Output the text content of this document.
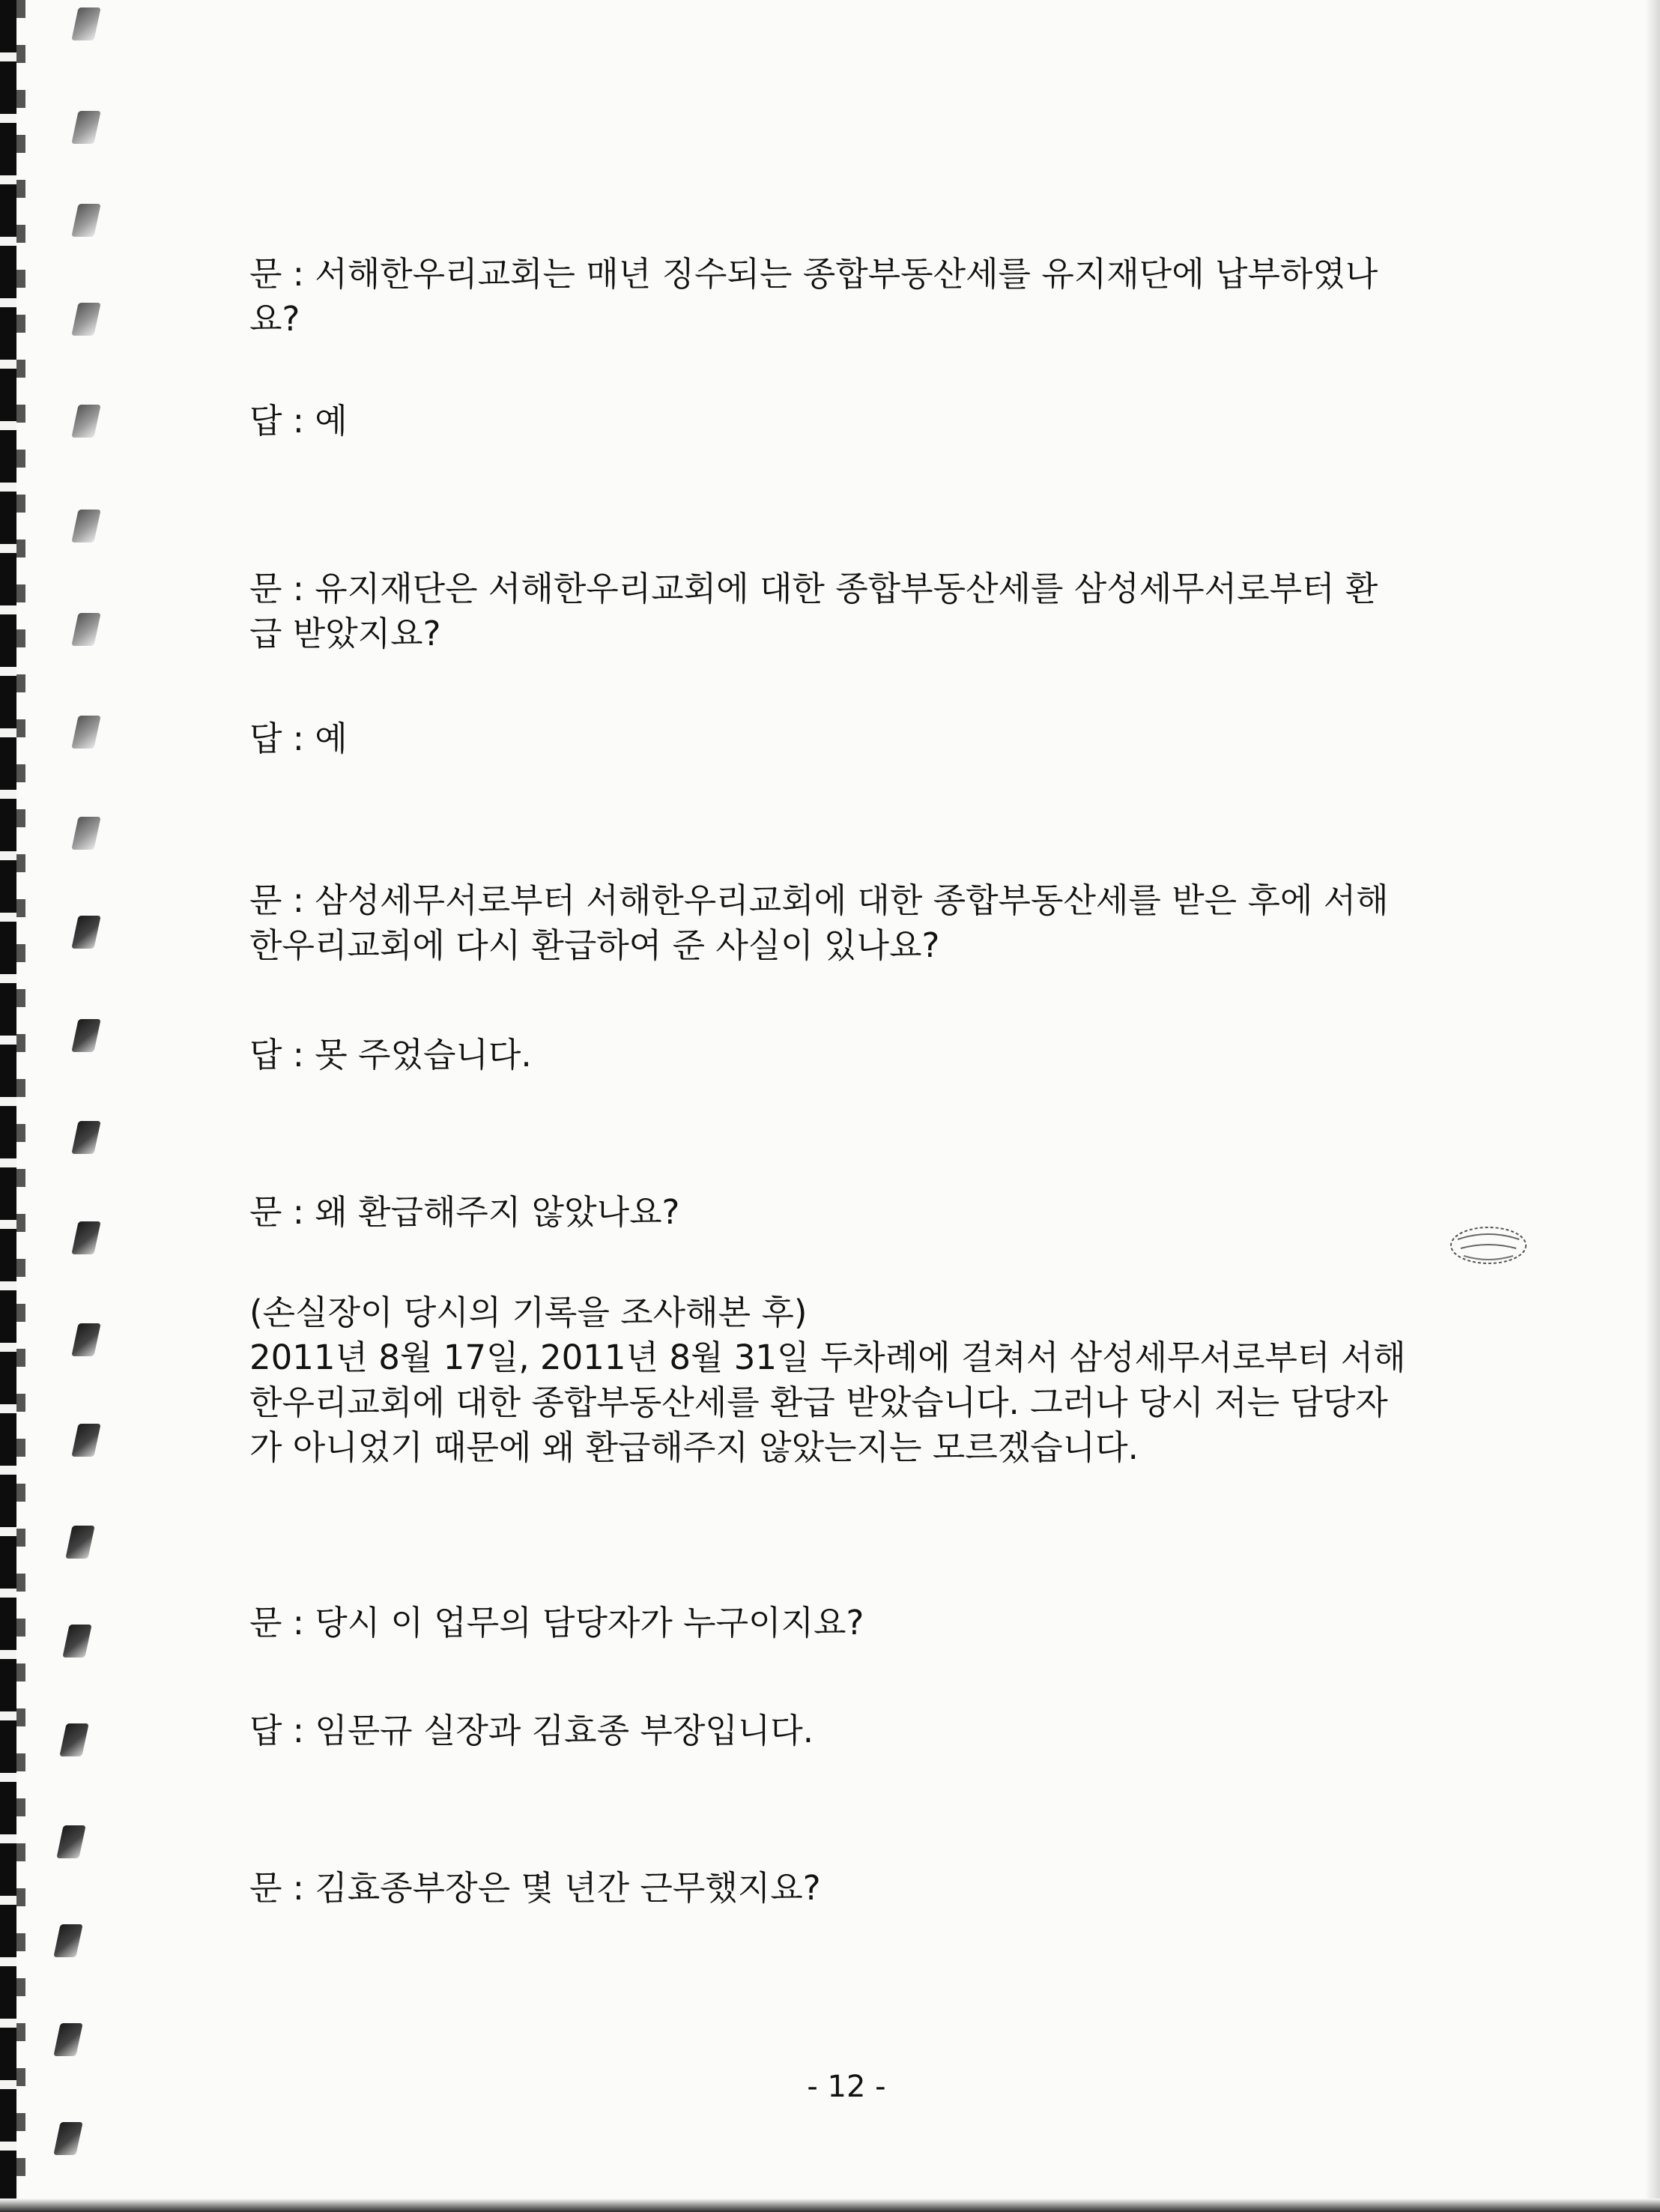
문 : 서해한우리교회는 매년 징수되는 종합부동산세를 유지재단에 납부하였나

요?

답 : 예

문 : 유지재단은 서해한우리교회에 대한 종합부동산세를 삼성세무서로부터 환

급 받았지요?

답 : 예

문 : 삼성세무서로부터 서해한우리교회에 대한 종합부동산세를 받은 후에 서해

한우리교회에 다시 환급하여 준 사실이 있나요?

답 : 못 주었습니다.

문 : 왜 환급해주지 않았나요?

(손실장이 당시의 기록을 조사해본 후)

2011년 8월 17일, 2011년 8월 31일 두차례에 걸쳐서 삼성세무서로부터 서해

한우리교회에 대한 종합부동산세를 환급 받았습니다. 그러나 당시 저는 담당자

가 아니었기 때문에 왜 환급해주지 않았는지는 모르겠습니다.

문 : 당시 이 업무의 담당자가 누구이지요?

답 : 임문규 실장과 김효종 부장입니다.

문 : 김효종부장은 몇 년간 근무했지요?

- 12 -
